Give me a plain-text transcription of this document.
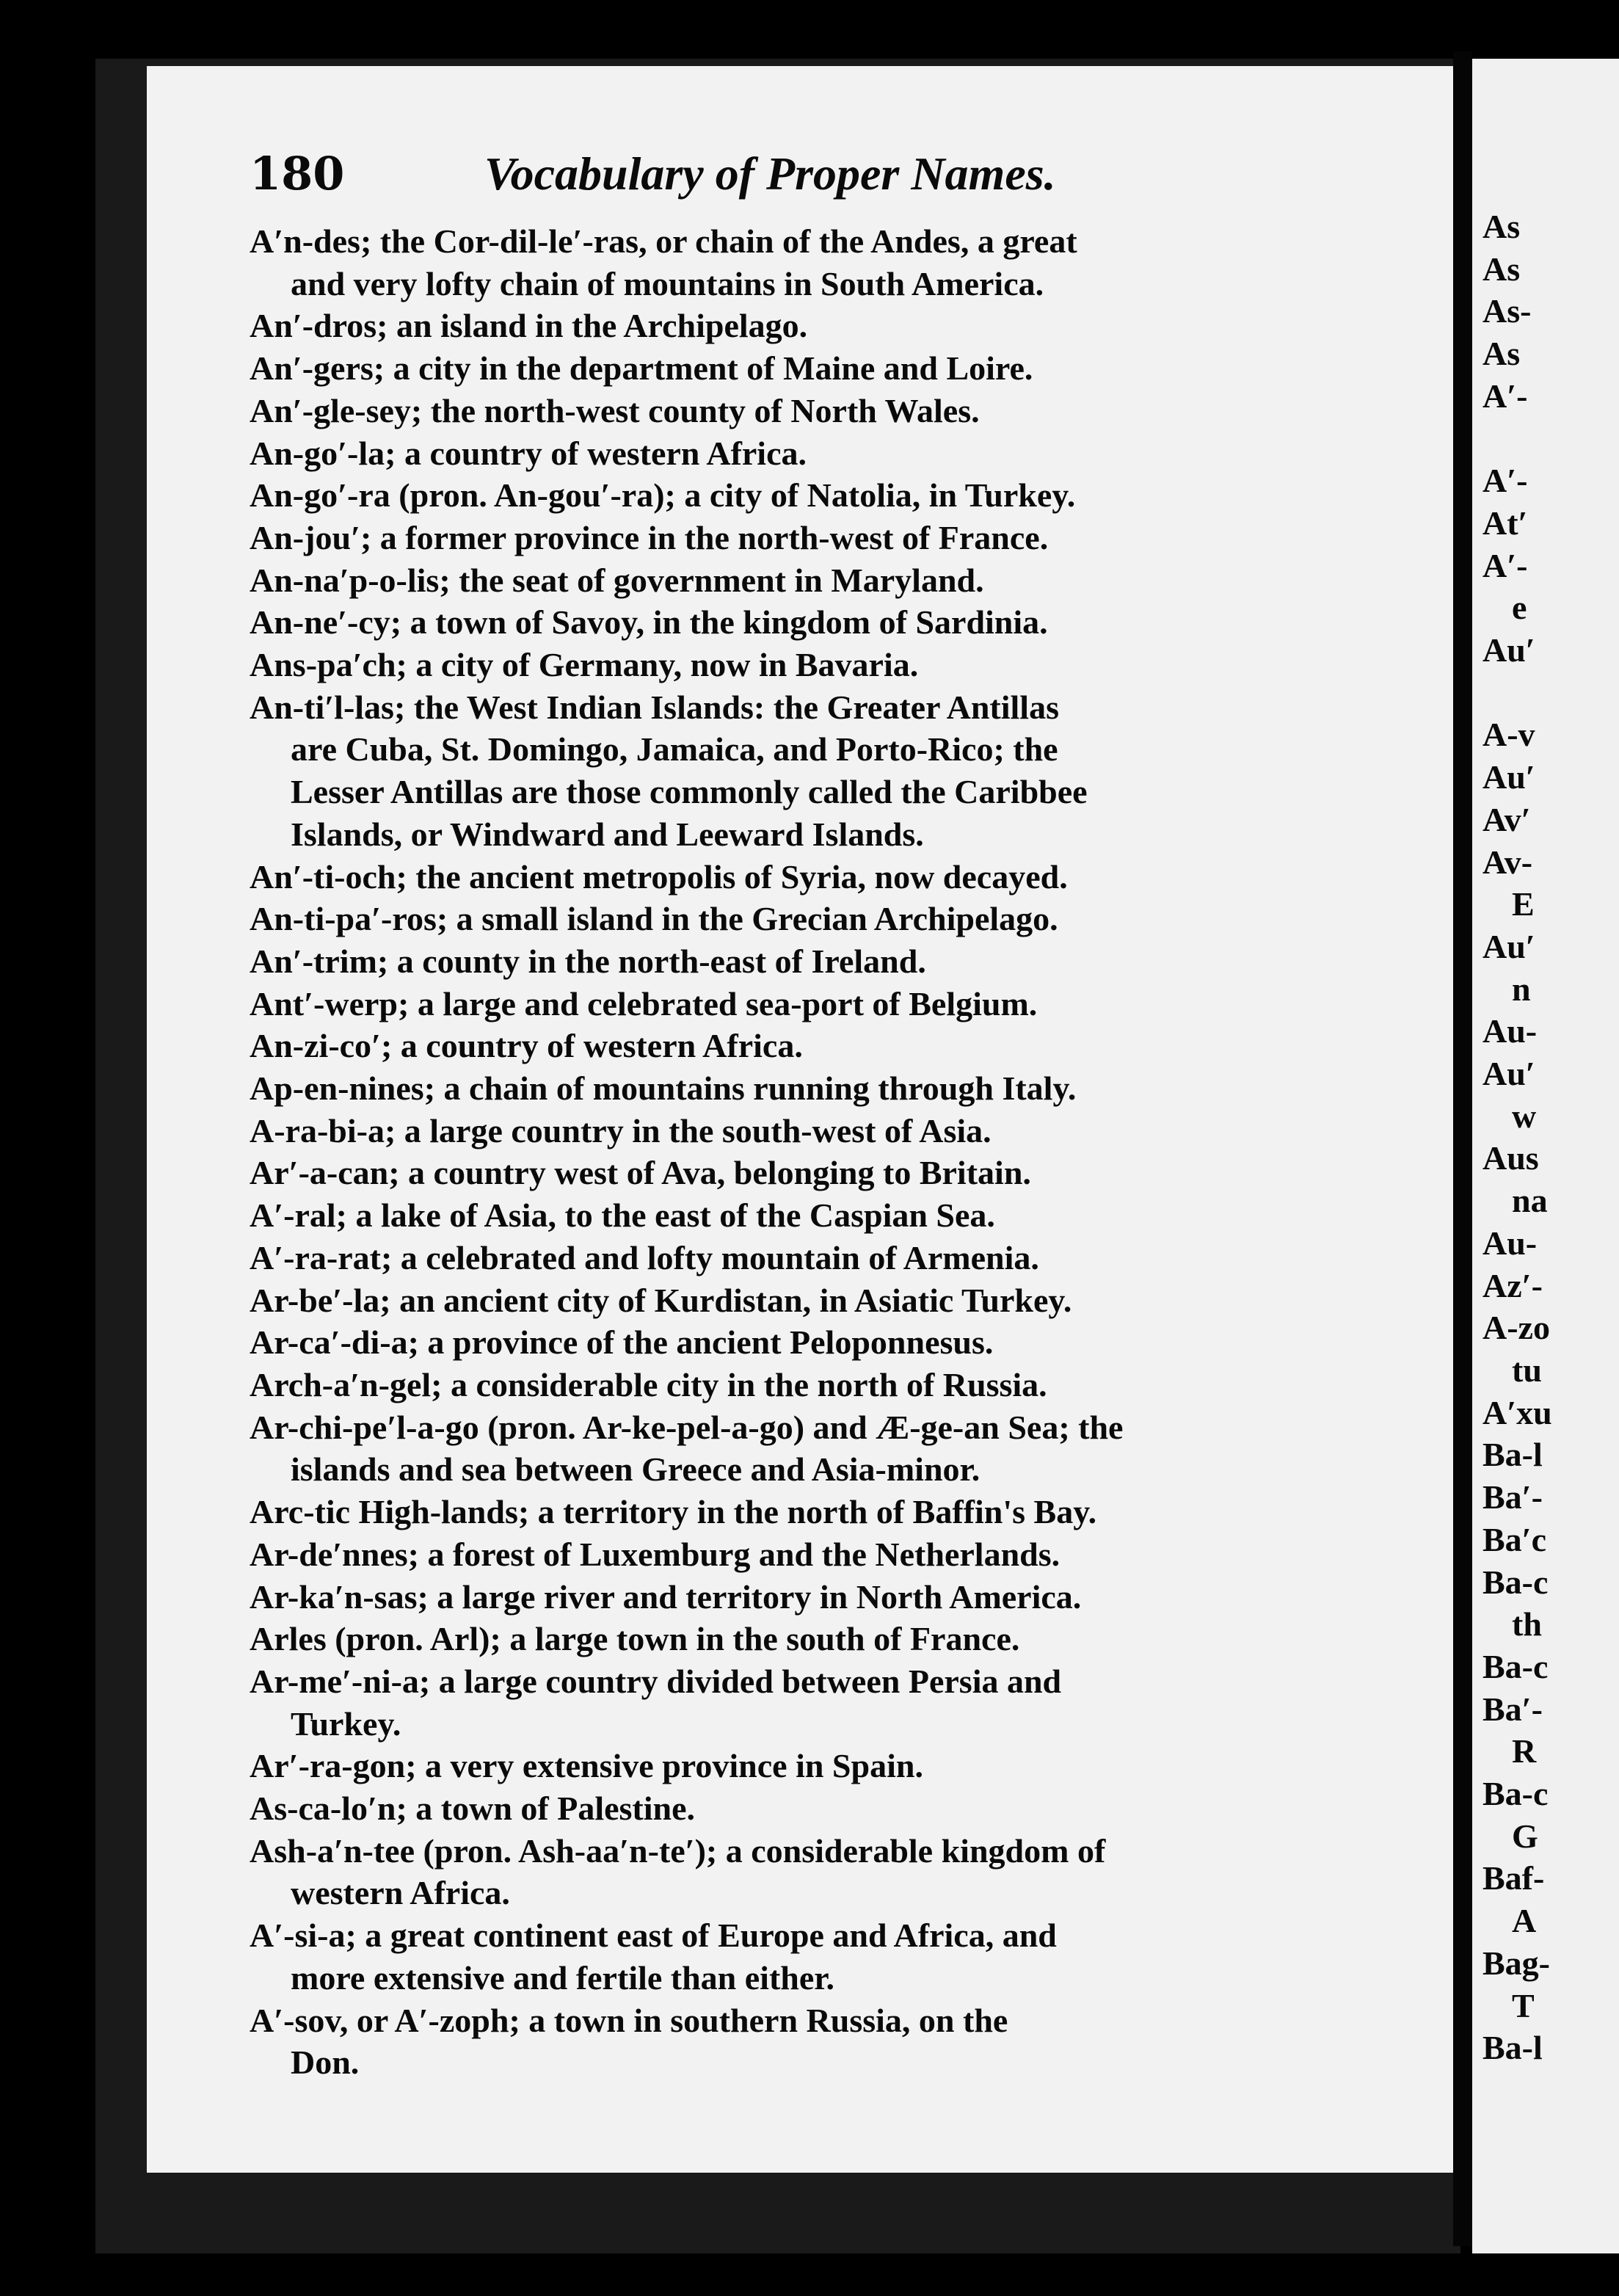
180	Vocabulary of Proper Names.
A′n-des; the Cor-dil-le′-ras, or chain of the Andes, a great
and very lofty chain of mountains in South America.
An′-dros; an island in the Archipelago.
An′-gers; a city in the department of Maine and Loire.
An′-gle-sey; the north-west county of North Wales.
An-go′-la; a country of western Africa.
An-go′-ra (pron. An-gou′-ra); a city of Natolia, in Turkey.
An-jou′; a former province in the north-west of France.
An-na′p-o-lis; the seat of government in Maryland.
An-ne′-cy; a town of Savoy, in the kingdom of Sardinia.
Ans-pa′ch; a city of Germany, now in Bavaria.
An-ti′l-las; the West Indian Islands: the Greater Antillas
are Cuba, St. Domingo, Jamaica, and Porto-Rico; the
Lesser Antillas are those commonly called the Caribbee
Islands, or Windward and Leeward Islands.
An′-ti-och; the ancient metropolis of Syria, now decayed.
An-ti-pa′-ros; a small island in the Grecian Archipelago.
An′-trim; a county in the north-east of Ireland.
Ant′-werp; a large and celebrated sea-port of Belgium.
An-zi-co′; a country of western Africa.
Ap-en-nines; a chain of mountains running through Italy.
A-ra-bi-a; a large country in the south-west of Asia.
Ar′-a-can; a country west of Ava, belonging to Britain.
A′-ral; a lake of Asia, to the east of the Caspian Sea.
A′-ra-rat; a celebrated and lofty mountain of Armenia.
Ar-be′-la; an ancient city of Kurdistan, in Asiatic Turkey.
Ar-ca′-di-a; a province of the ancient Peloponnesus.
Arch-a′n-gel; a considerable city in the north of Russia.
Ar-chi-pe′l-a-go (pron. Ar-ke-pel-a-go) and Æ-ge-an Sea; the
islands and sea between Greece and Asia-minor.
Arc-tic High-lands; a territory in the north of Baffin's Bay.
Ar-de′nnes; a forest of Luxemburg and the Netherlands.
Ar-ka′n-sas; a large river and territory in North America.
Arles (pron. Arl); a large town in the south of France.
Ar-me′-ni-a; a large country divided between Persia and
Turkey.
Ar′-ra-gon; a very extensive province in Spain.
As-ca-lo′n; a town of Palestine.
Ash-a′n-tee (pron. Ash-aa′n-te′); a considerable kingdom of
western Africa.
A′-si-a; a great continent east of Europe and Africa, and
more extensive and fertile than either.
A′-sov, or A′-zoph; a town in southern Russia, on the
Don.
As
As
As-
As
A′-

A′-
At′
A′-
e
Au′

A-v
Au′
Av′
Av-
E
Au′
n
Au-
Au′
w
Aus
na
Au-
Az′-
A-zo
tu
A′xu
Ba-l
Ba′-
Ba′c
Ba-c
th
Ba-c
Ba′-
R
Ba-c
G
Baf-
A
Bag-
T
Ba-l
